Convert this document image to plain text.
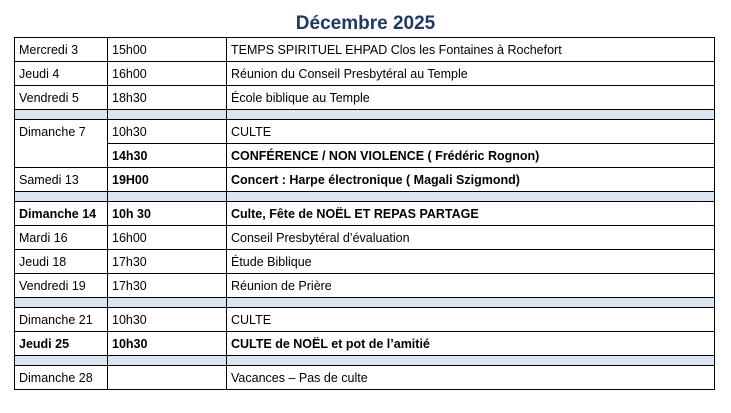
Décembre 2025
Mercredi 3	15h00	TEMPS SPIRITUEL EHPAD Clos les Fontaines à Rochefort
Jeudi 4	16h00	Réunion du Conseil Presbytéral au Temple
Vendredi 5	18h30	École biblique au Temple

Dimanche 7	10h30	CULTE
	14h30	CONFÉRENCE / NON VIOLENCE ( Frédéric Rognon)
Samedi 13	19H00	Concert : Harpe électronique ( Magali Szigmond)

Dimanche 14	10h 30	Culte, Fête de NOËL ET REPAS PARTAGE
Mardi 16	16h00	Conseil Presbytéral d’évaluation
Jeudi 18	17h30	Étude Biblique
Vendredi 19	17h30	Réunion de Prière

Dimanche 21	10h30	CULTE
Jeudi 25	10h30	CULTE de NOËL et pot de l’amitié

Dimanche 28		Vacances – Pas de culte
